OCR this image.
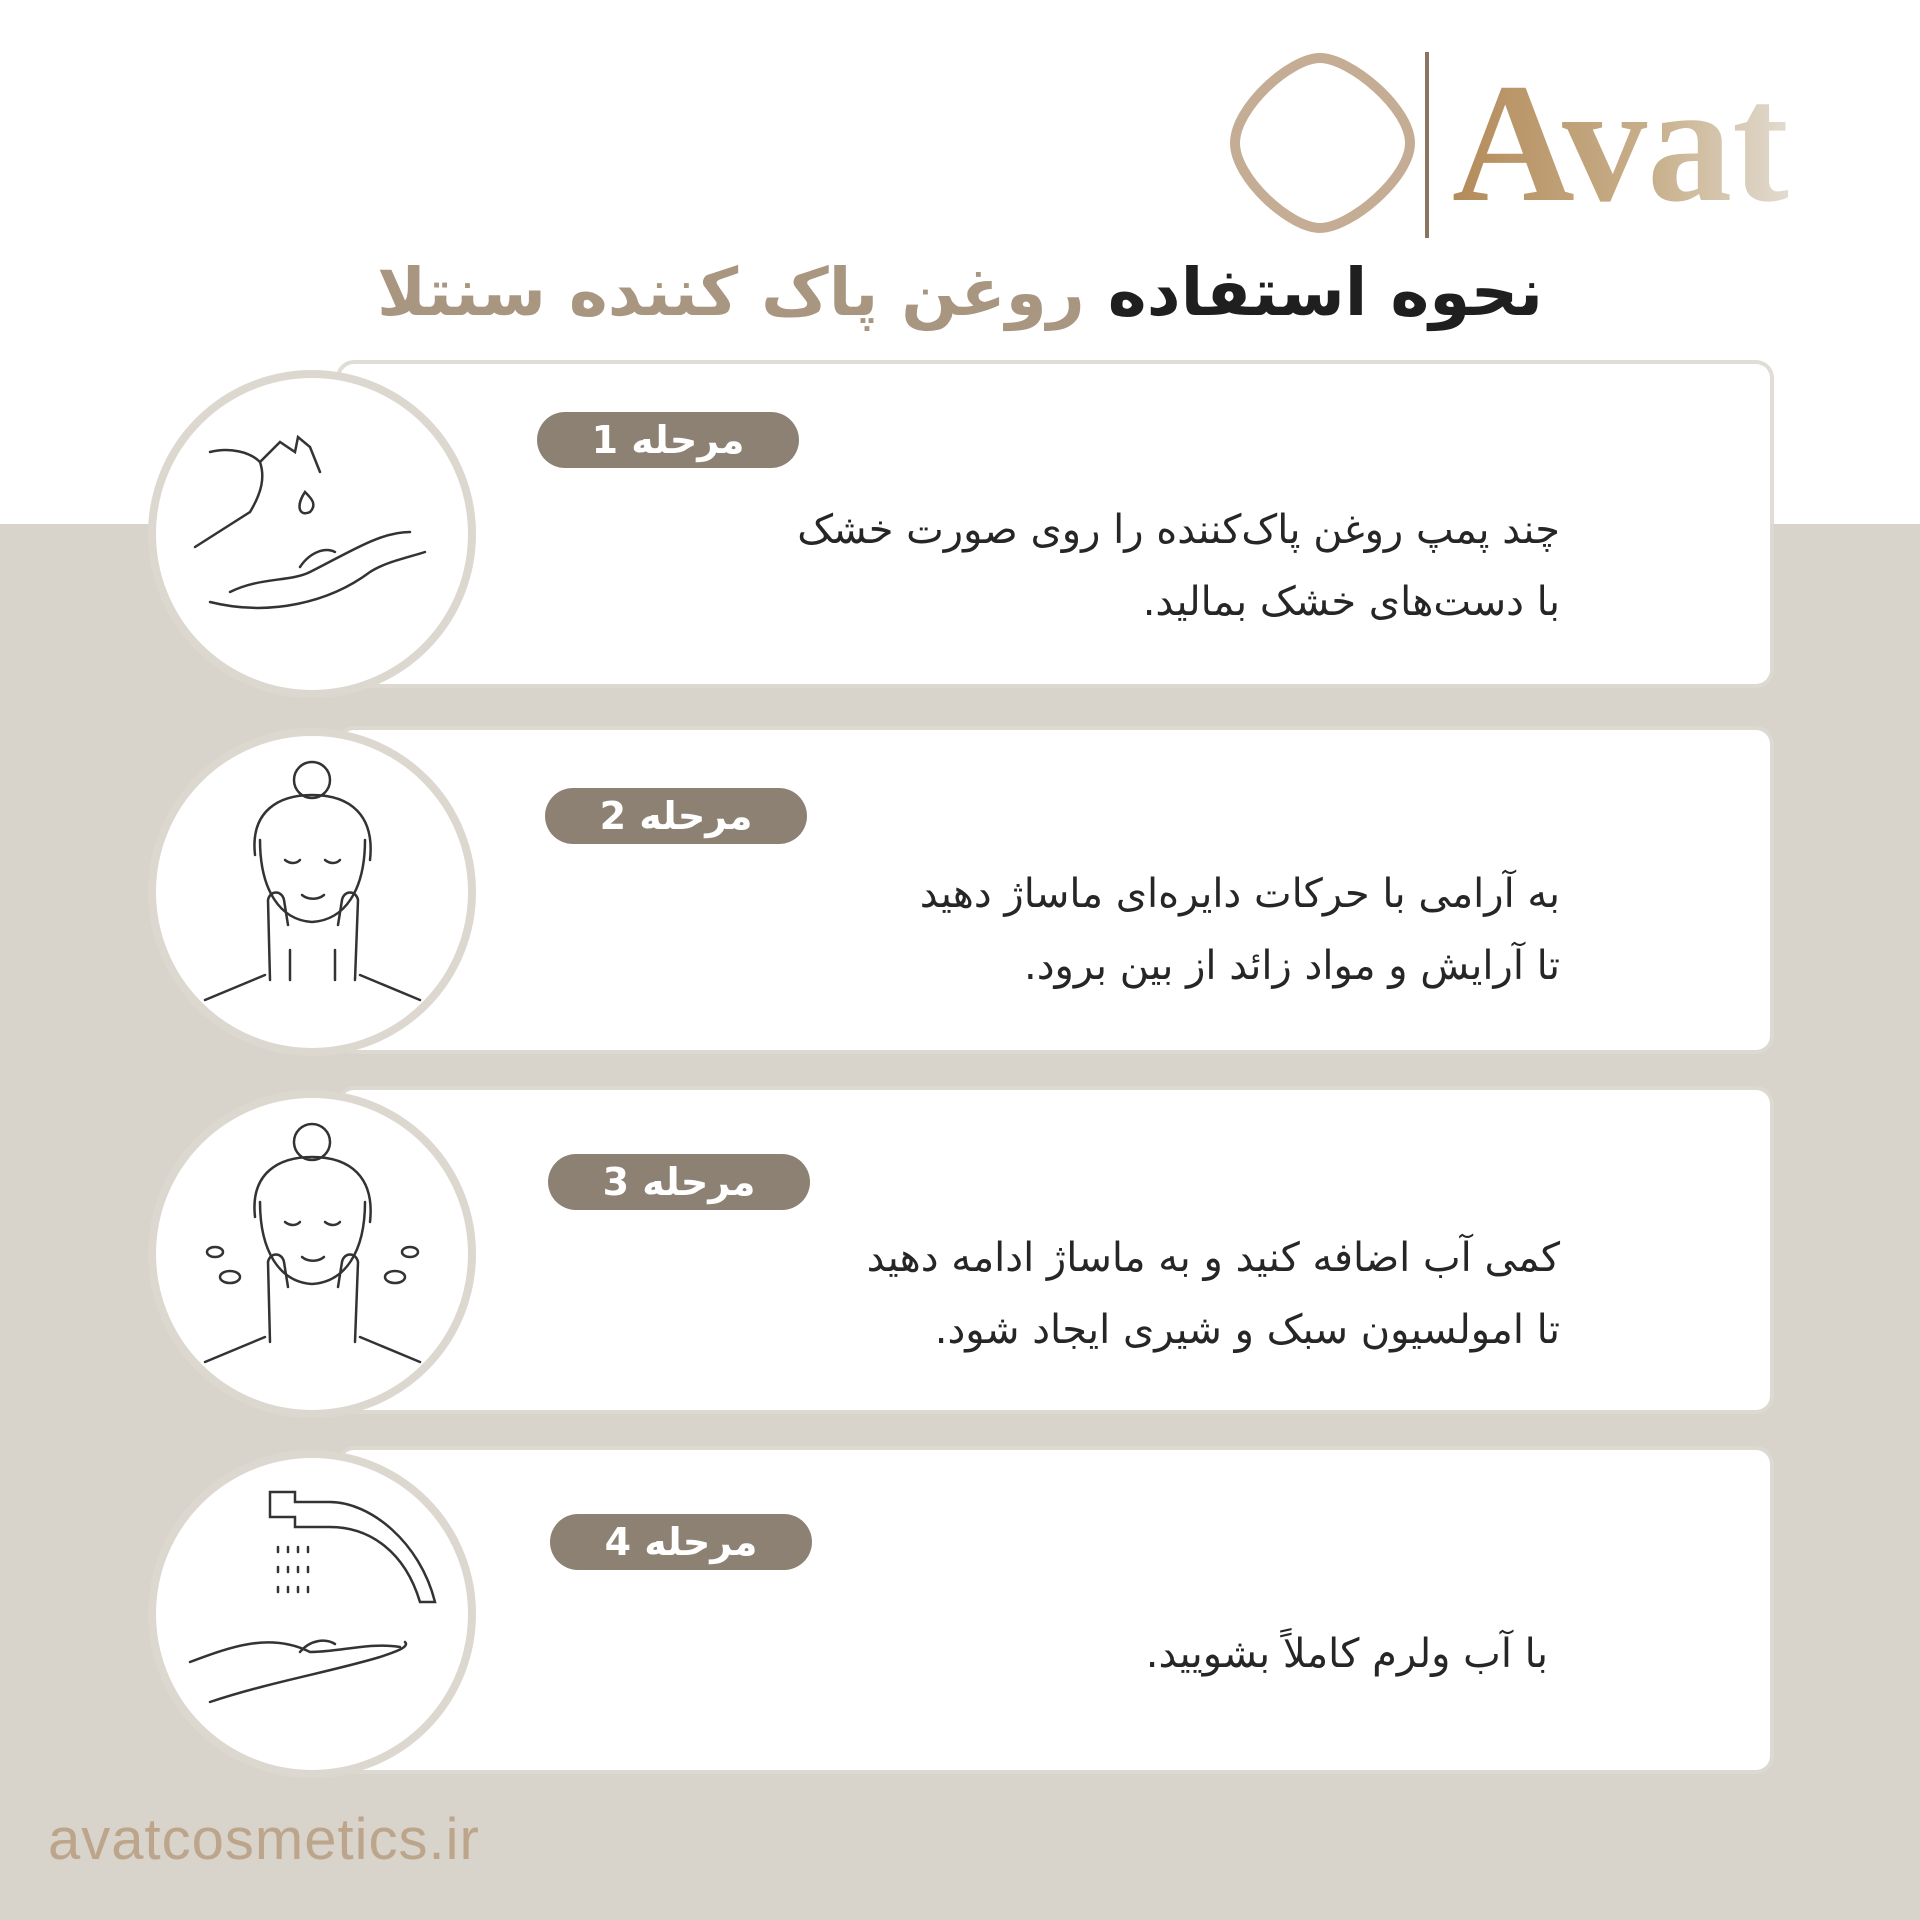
Avat
نحوه استفاده روغن پاک کننده سنتلا
مرحله 1
چند پمپ روغن پاک‌کننده را روی صورت خشک
با دست‌های خشک بمالید.
مرحله 2
به آرامی با حرکات دایره‌ای ماساژ دهید
تا آرایش و مواد زائد از بین برود.
مرحله 3
کمی آب اضافه کنید و به ماساژ ادامه دهید
تا امولسیون سبک و شیری ایجاد شود.
مرحله 4
با آب ولرم کاملاً بشویید.
avatcosmetics.ir
